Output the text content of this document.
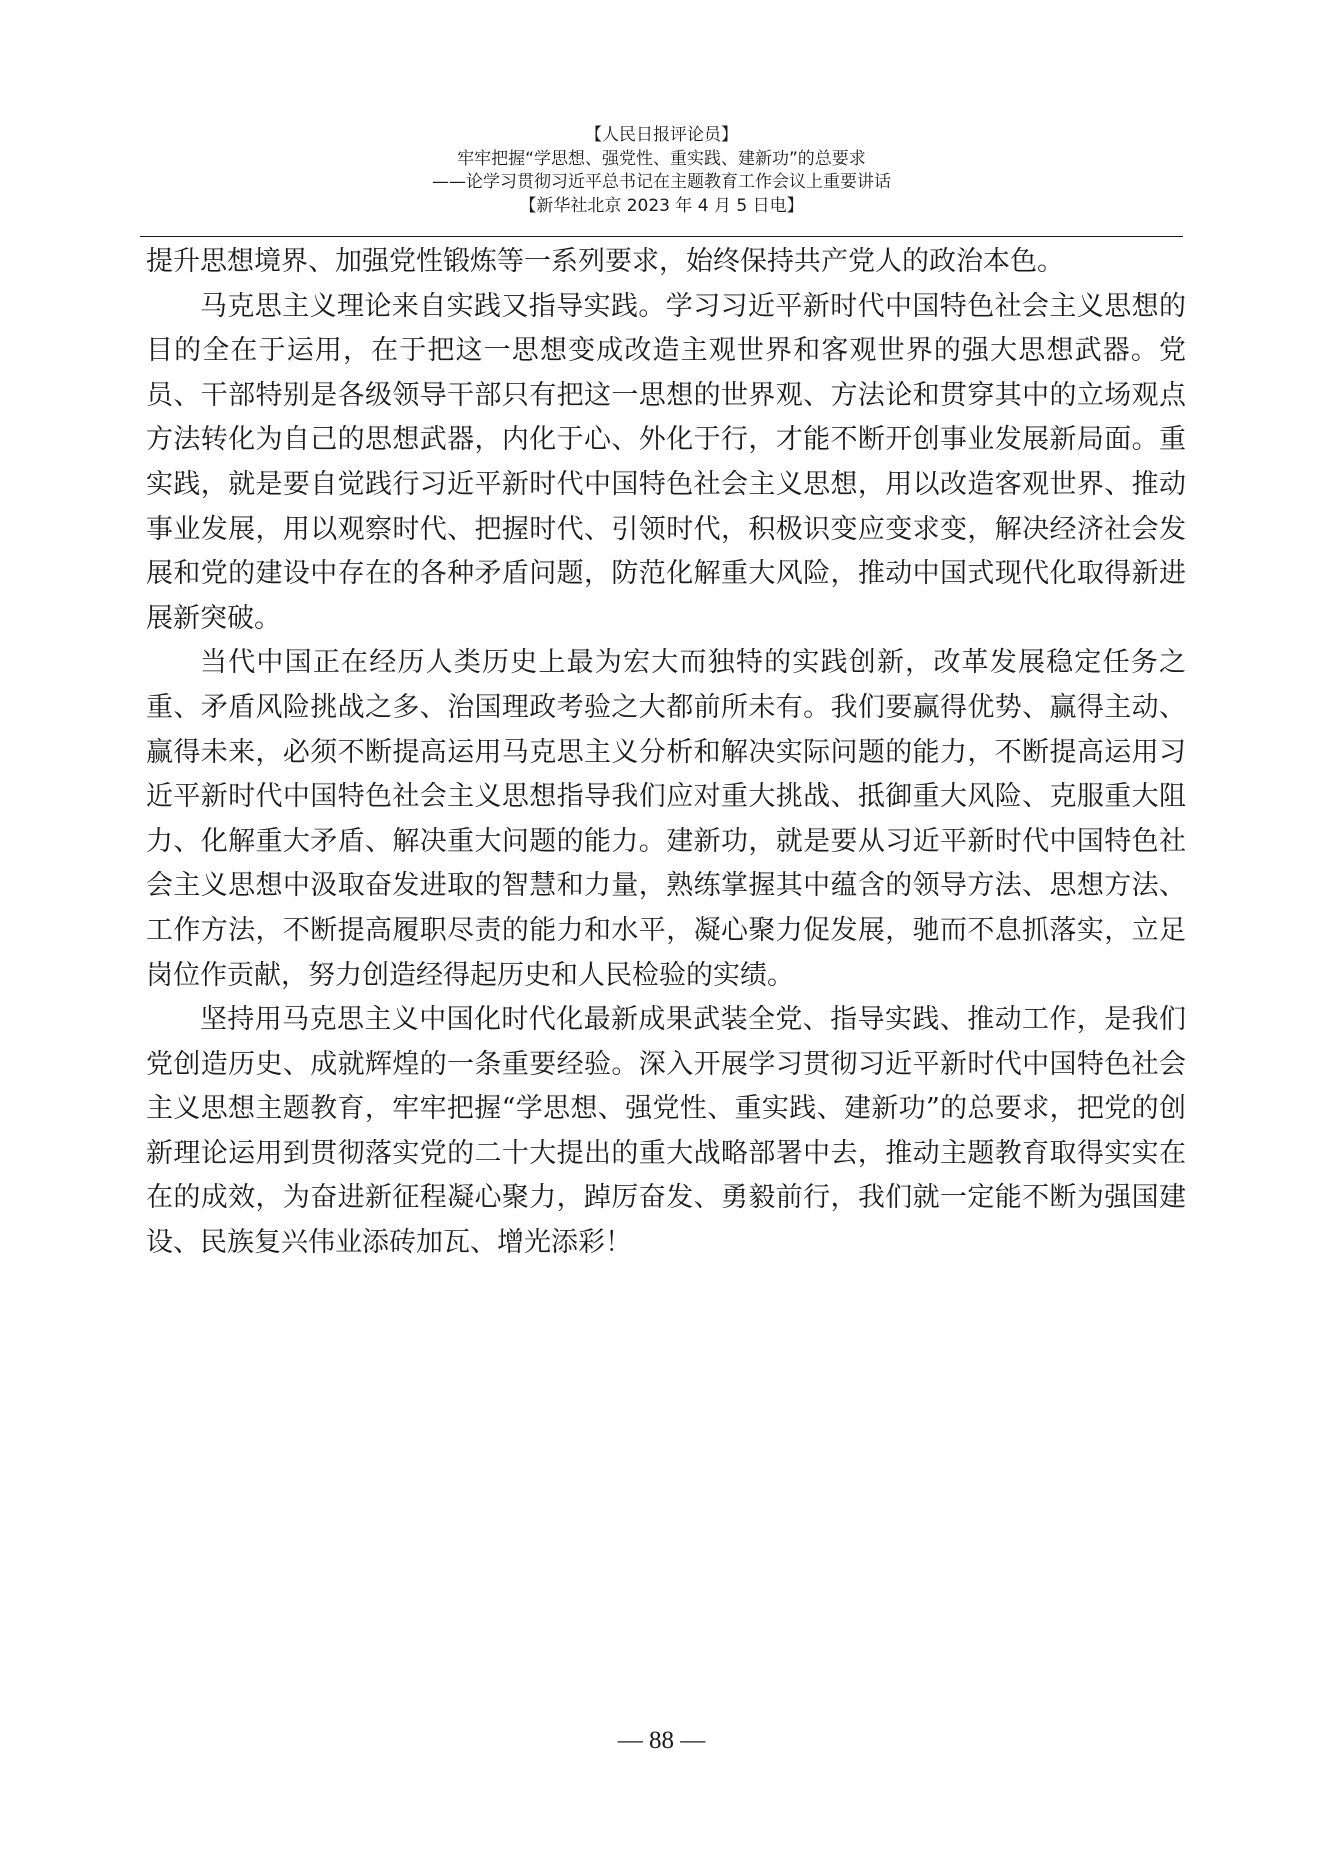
【人民日报评论员】
牢牢把握“学思想、强党性、重实践、建新功”的总要求
——论学习贯彻习近平总书记在主题教育工作会议上重要讲话
【新华社北京 2023 年 4 月 5 日电】

提升思想境界、加强党性锻炼等一系列要求，始终保持共产党人的政治本色。

马克思主义理论来自实践又指导实践。学习习近平新时代中国特色社会主义思想的目的全在于运用，在于把这一思想变成改造主观世界和客观世界的强大思想武器。党员、干部特别是各级领导干部只有把这一思想的世界观、方法论和贯穿其中的立场观点方法转化为自己的思想武器，内化于心、外化于行，才能不断开创事业发展新局面。重实践，就是要自觉践行习近平新时代中国特色社会主义思想，用以改造客观世界、推动事业发展，用以观察时代、把握时代、引领时代，积极识变应变求变，解决经济社会发展和党的建设中存在的各种矛盾问题，防范化解重大风险，推动中国式现代化取得新进展新突破。

当代中国正在经历人类历史上最为宏大而独特的实践创新，改革发展稳定任务之重、矛盾风险挑战之多、治国理政考验之大都前所未有。我们要赢得优势、赢得主动、赢得未来，必须不断提高运用马克思主义分析和解决实际问题的能力，不断提高运用习近平新时代中国特色社会主义思想指导我们应对重大挑战、抵御重大风险、克服重大阻力、化解重大矛盾、解决重大问题的能力。建新功，就是要从习近平新时代中国特色社会主义思想中汲取奋发进取的智慧和力量，熟练掌握其中蕴含的领导方法、思想方法、工作方法，不断提高履职尽责的能力和水平，凝心聚力促发展，驰而不息抓落实，立足岗位作贡献，努力创造经得起历史和人民检验的实绩。

坚持用马克思主义中国化时代化最新成果武装全党、指导实践、推动工作，是我们党创造历史、成就辉煌的一条重要经验。深入开展学习贯彻习近平新时代中国特色社会主义思想主题教育，牢牢把握“学思想、强党性、重实践、建新功”的总要求，把党的创新理论运用到贯彻落实党的二十大提出的重大战略部署中去，推动主题教育取得实实在在的成效，为奋进新征程凝心聚力，踔厉奋发、勇毅前行，我们就一定能不断为强国建设、民族复兴伟业添砖加瓦、增光添彩！

— 88 —
